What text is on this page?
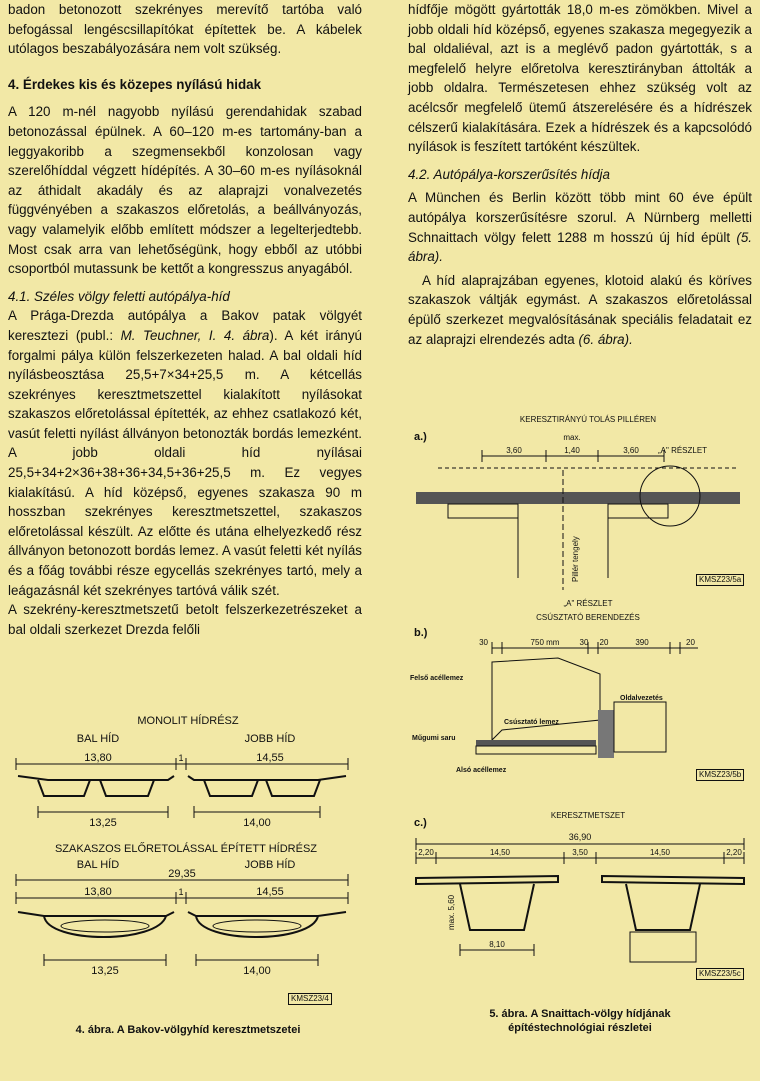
badon betonozott szekrényes merevítő tartóba való befogással lengéscsillapítókat építettek be. A kábelek utólagos beszabályozására nem volt szükség.

4. Érdekes kis és közepes nyílású hidak

A 120 m-nél nagyobb nyílású gerendahidak szabad betonozással épülnek. A 60–120 m-es tartomány-ban a leggyakoribb a szegmensekből konzolosan vagy szerelőhíddal végzett hídépítés. A 30–60 m-es nyílásoknál az áthidalt akadály és az alaprajzi vonalvezetés függvényében a szakaszos előretolás, a beállványozás, vagy valamelyik előbb említett módszer a legelterjedtebb. Most csak arra van lehetőségünk, hogy ebből az utóbbi csoportból mutassunk be kettőt a kongresszus anyagából.

4.1. Széles völgy feletti autópálya-híd

A Prága-Drezda autópálya a Bakov patak völgyét keresztezi (publ.: M. Teuchner, I. 4. ábra). A két irányú forgalmi pálya külön felszerkezeten halad. A bal oldali híd nyílásbeosztása 25,5+7×34+25,5 m. A kétcellás szekrényes keresztmetszettel kialakított nyílásokat szakaszos előretolással építették, az ehhez csatlakozó két, vasút feletti nyílást állványon betonozták bordás lemezként. A jobb oldali híd nyílásai 25,5+34+2×36+38+36+34,5+36+25,5 m. Ez vegyes kialakítású. A híd középső, egyenes szakasza 90 m hosszban szekrényes keresztmetszettel, szakaszos előretolással készült. Az előtte és utána elhelyezkedő rész állványon betonozott bordás lemez. A vasút feletti két nyílás és a főág további része egycellás szekrényes tartó, mely a leágazásnál két szekrényes tartóvá válik szét.

A szekrény-keresztmetszetű betolt felszerkezetrészeket a bal oldali szerkezet Drezda felőli

hídfője mögött gyártották 18,0 m-es zömökben. Mivel a jobb oldali híd középső, egyenes szakasza megegyezik a bal oldaliéval, azt is a meglévő padon gyártották, s a megfelelő helyre előretolva keresztirányban áttolták a jobb oldalra. Természetesen ehhez szükség volt az acélcsőr megfelelő ütemű átszerelésére és a hídrészek célszerű kialakítására. Ezek a hídrészek és a kapcsolódó nyílások is feszített tartóként készültek.

4.2. Autópálya-korszerűsítés hídja

A München és Berlin között több mint 60 éve épült autópálya korszerűsítésre szorul. A Nürnberg melletti Schnaittach völgy felett 1288 m hosszú új híd épült (5. ábra).

A híd alaprajzában egyenes, klotoid alakú és köríves szakaszok váltják egymást. A szakaszos előretolással épülő szerkezet megvalósításának speciális feladatait ez az alaprajzi elrendezés adta (6. ábra).

MONOLIT HÍDRÉSZ
BAL HÍD	JOBB HÍD
13,80	1	14,55
13,25	14,00
SZAKASZOS ELŐRETOLÁSSAL ÉPÍTETT HÍDRÉSZ
BAL HÍD	JOBB HÍD
29,35
13,80	1	14,55
13,25	14,00
KMSZ23/4
4. ábra. A Bakov-völgyhíd keresztmetszetei
KERESZTIRÁNYÚ TOLÁS PILLÉREN
a.)	max.
3,60	1,40	3,60 „A" RÉSZLET
Pillér tengely
„A" RÉSZLET
CSÚSZTATÓ BERENDEZÉS
b.)
30	750 mm	30 20	390	20
Felső acéllemez
Oldalvezetés
Csúsztató lemez
Műgumi saru
Alsó acéllemez
KERESZTMETSZET
c.)
36,90
2,20	14,50	3,50	14,50	2,20
max. 5,60
8,10
KMSZ23/5a
KMSZ23/5b
KMSZ23/5c
5. ábra. A Snaittach-völgy hídjának
építéstechnológiai részletei
